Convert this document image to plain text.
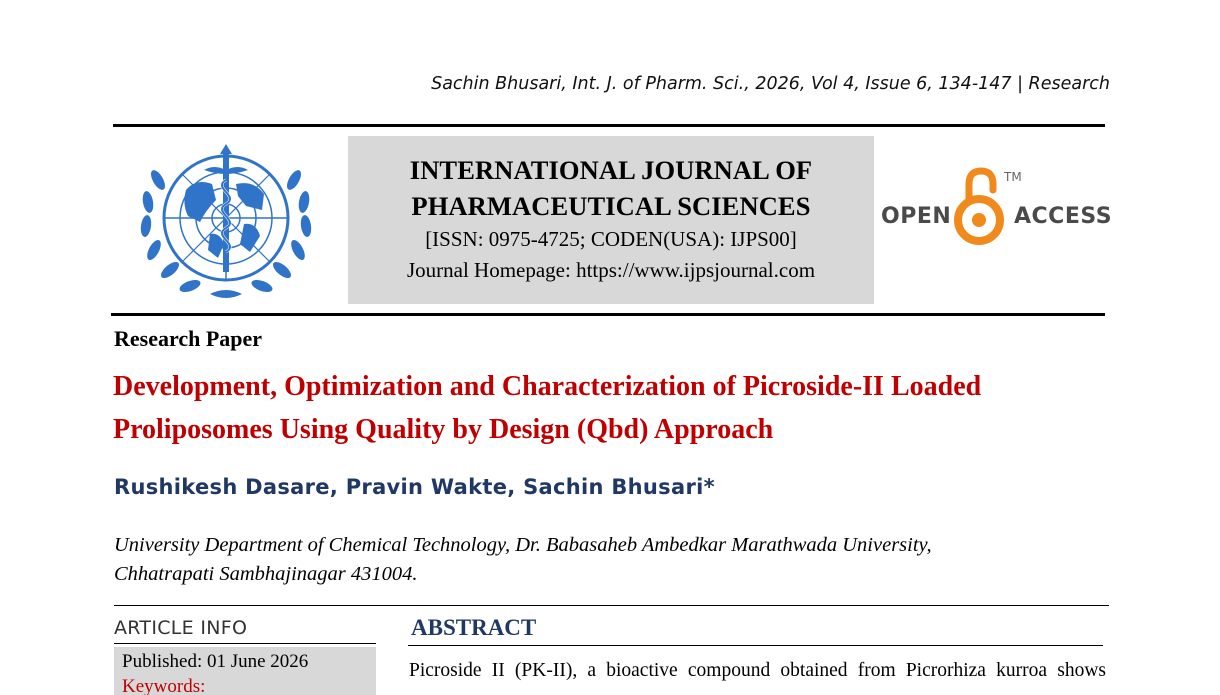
Sachin Bhusari, Int. J. of Pharm. Sci., 2026, Vol 4, Issue 6, 134-147 | Research
INTERNATIONAL JOURNAL OF
PHARMACEUTICAL SCIENCES
[ISSN: 0975-4725; CODEN(USA): IJPS00]
Journal Homepage: https://www.ijpsjournal.com
OPEN
TM
ACCESS
Research Paper
Development, Optimization and Characterization of Picroside-II Loaded
Proliposomes Using Quality by Design (Qbd) Approach
Rushikesh Dasare, Pravin Wakte, Sachin Bhusari*
University Department of Chemical Technology, Dr. Babasaheb Ambedkar Marathwada University,
Chhatrapati Sambhajinagar 431004.
ARTICLE INFO
Published: 01 June 2026
Keywords:
ABSTRACT
Picroside II (PK-II), a bioactive compound obtained from Picrorhiza kurroa shows
